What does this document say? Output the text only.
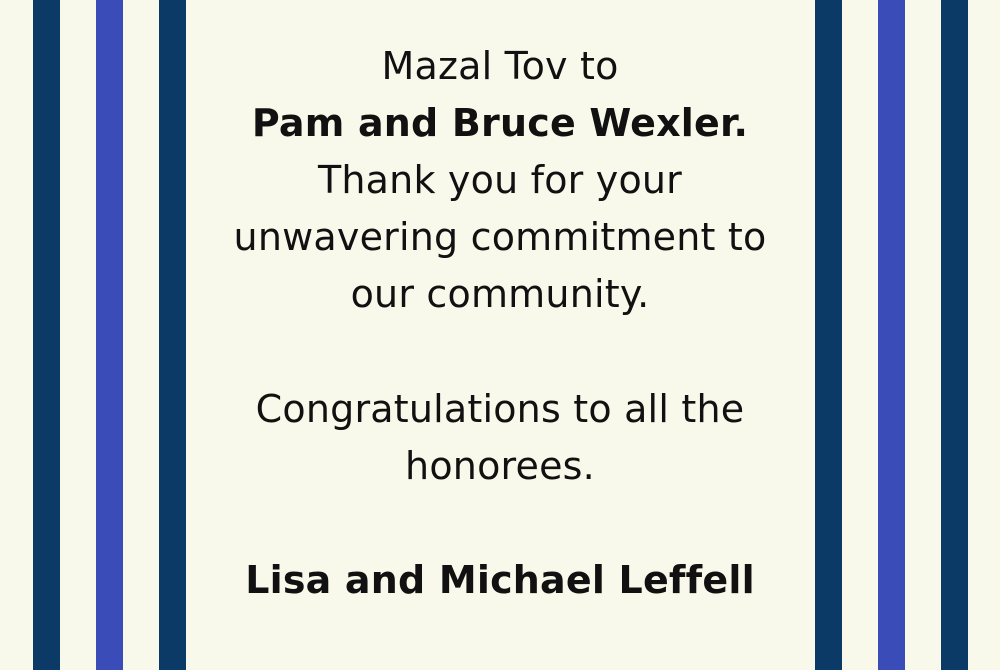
Mazal Tov to
Pam and Bruce Wexler.
Thank you for your
unwavering commitment to
our community.
Congratulations to all the
honorees.
Lisa and Michael Leffell
